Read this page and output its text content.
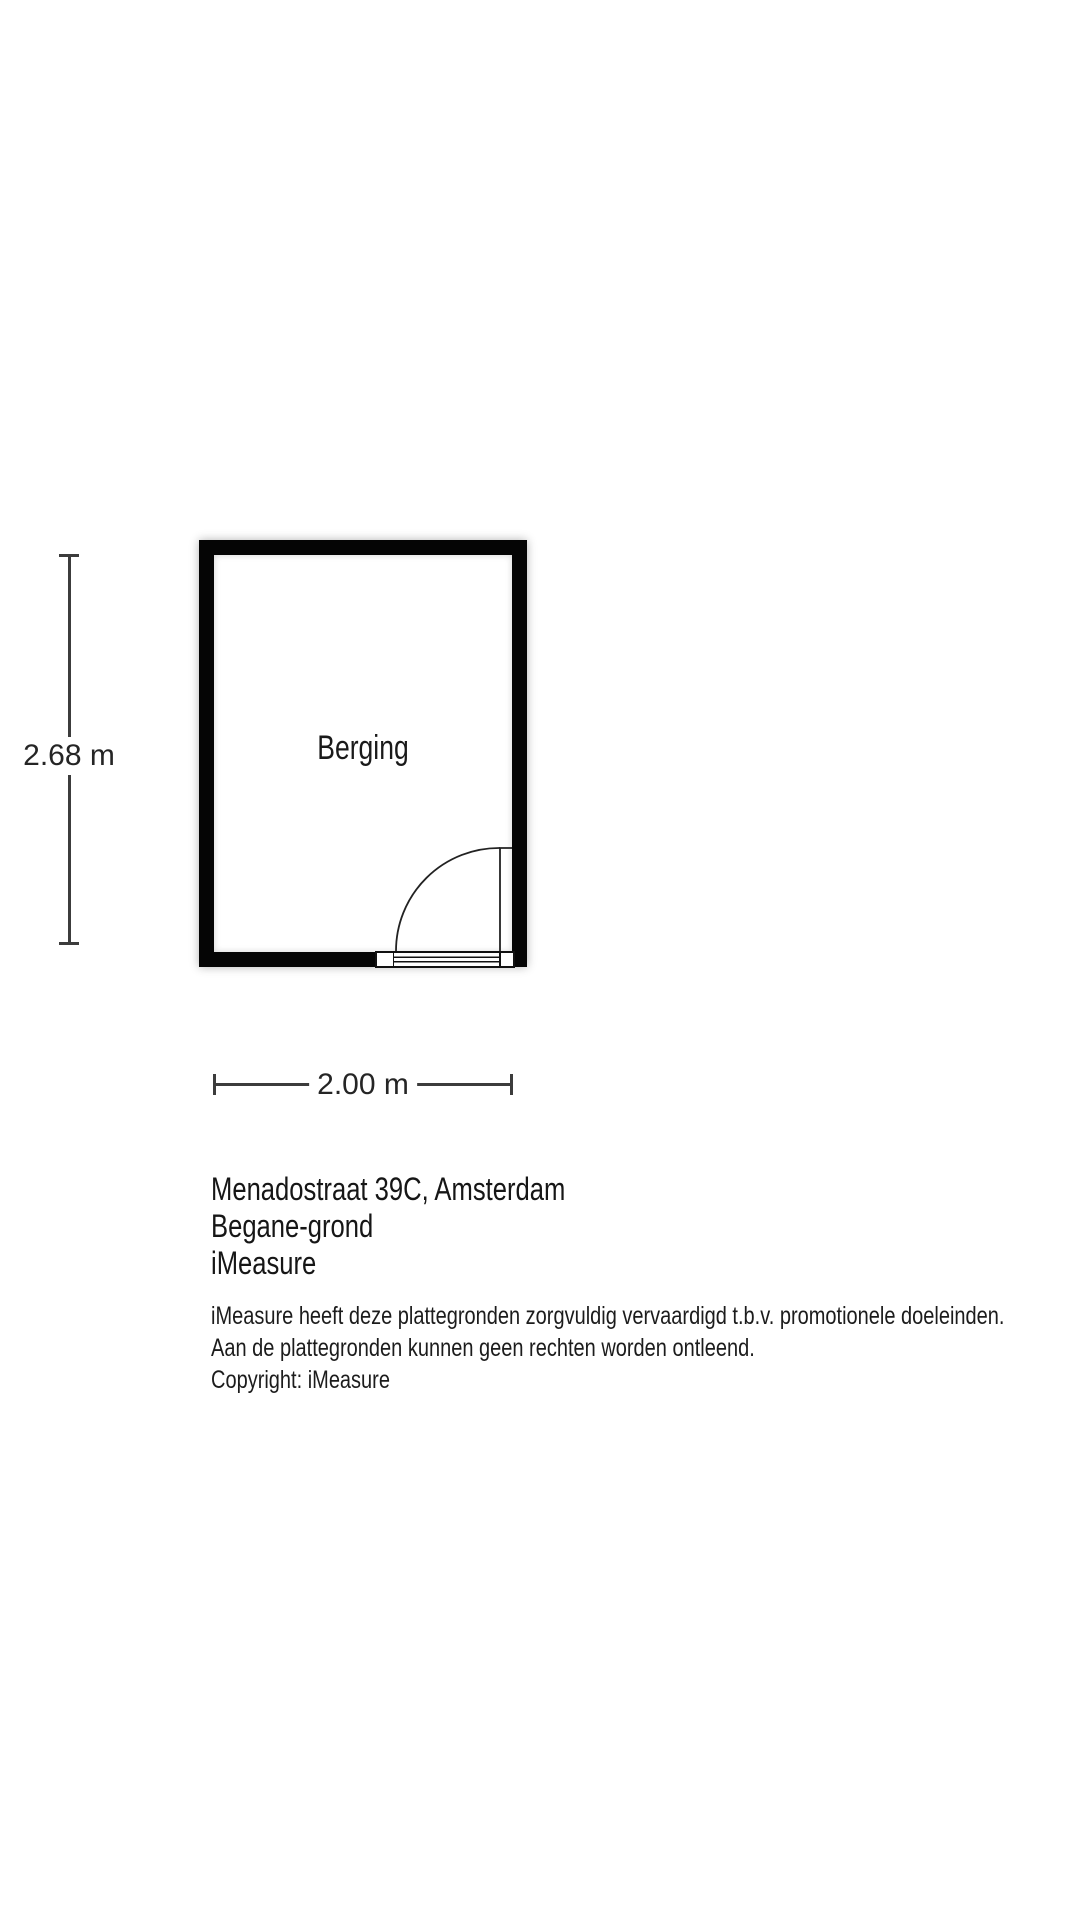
Berging
2.68 m
2.00 m
Menadostraat 39C, Amsterdam
Begane-grond
iMeasure
iMeasure heeft deze plattegronden zorgvuldig vervaardigd t.b.v. promotionele doeleinden.
Aan de plattegronden kunnen geen rechten worden ontleend.
Copyright: iMeasure
